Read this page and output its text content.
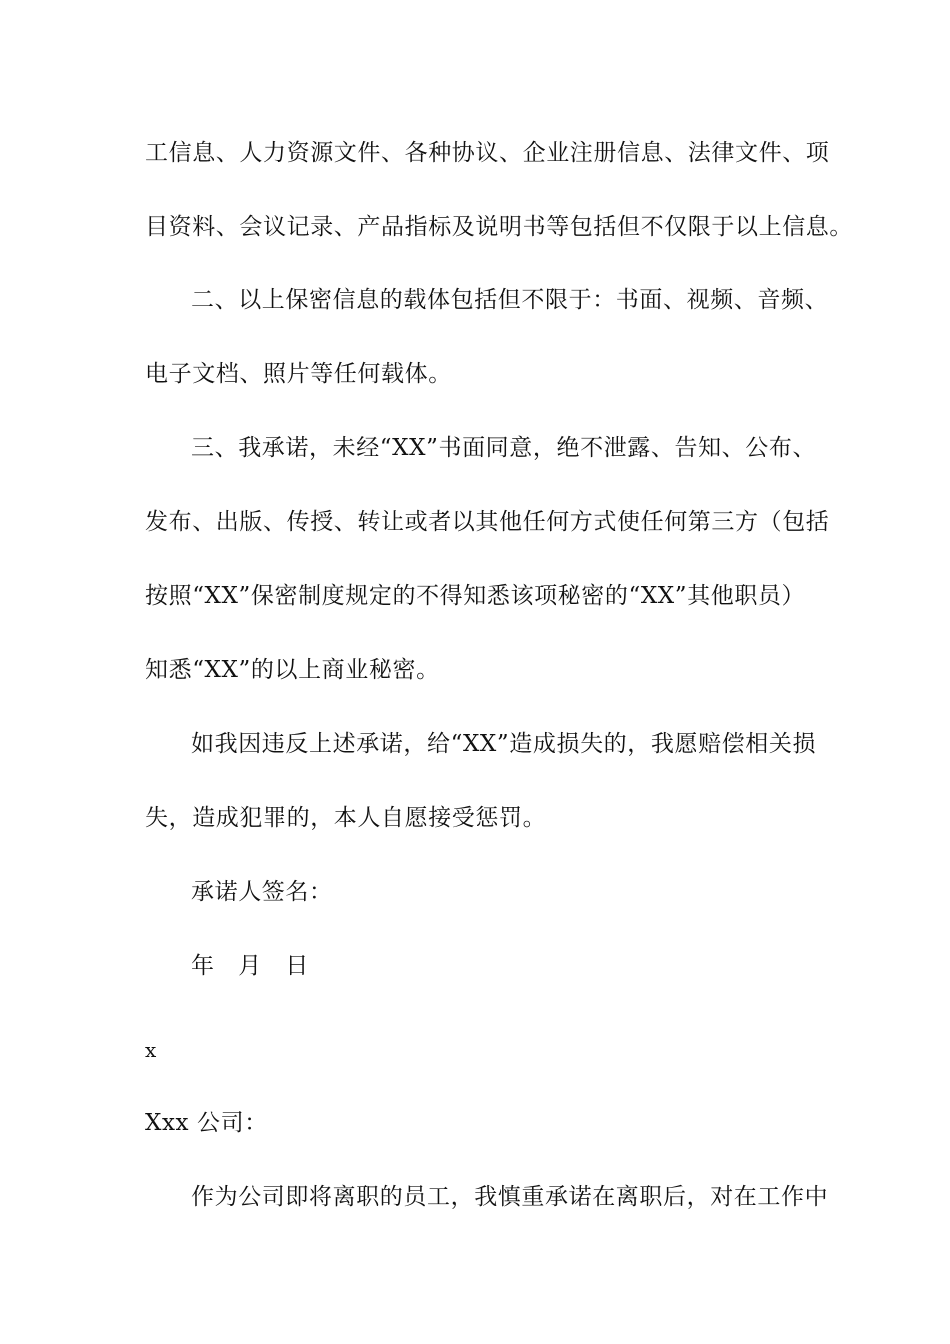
工信息、人力资源文件、各种协议、企业注册信息、法律文件、项
目资料、会议记录、产品指标及说明书等包括但不仅限于以上信息。
二、以上保密信息的载体包括但不限于：书面、视频、音频、
电子文档、照片等任何载体。
三、我承诺，未经“XX”书面同意，绝不泄露、告知、公布、
发布、出版、传授、转让或者以其他任何方式使任何第三方（包括
按照“XX”保密制度规定的不得知悉该项秘密的“XX”其他职员）
知悉“XX”的以上商业秘密。
如我因违反上述承诺，给“XX”造成损失的，我愿赔偿相关损
失，造成犯罪的，本人自愿接受惩罚。
承诺人签名：
年　月　日
x
Xxx 公司：
作为公司即将离职的员工，我慎重承诺在离职后，对在工作中
